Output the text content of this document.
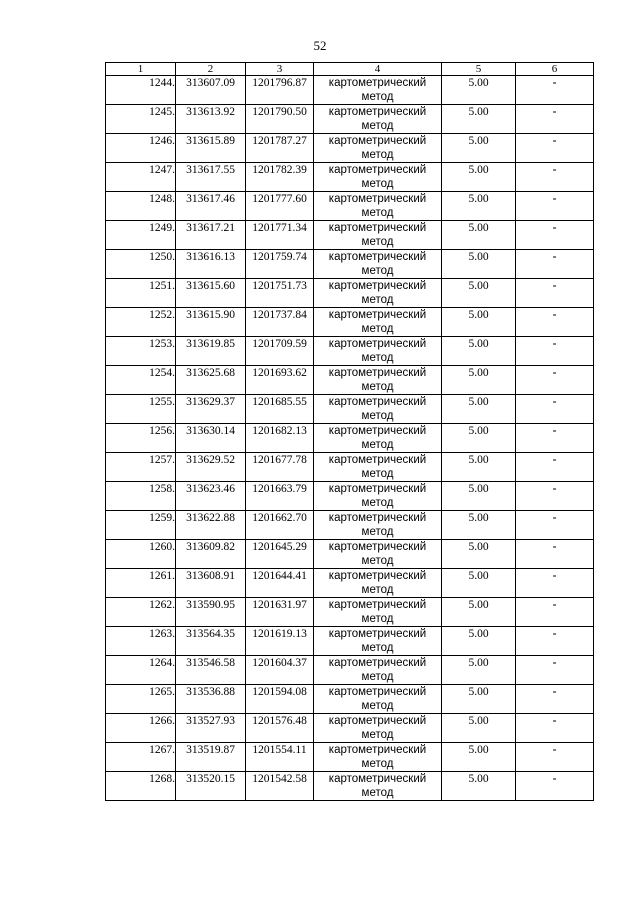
52
1	2	3	4	5	6
1244.	313607.09	1201796.87	картометрический метод	5.00	-
1245.	313613.92	1201790.50	картометрический метод	5.00	-
1246.	313615.89	1201787.27	картометрический метод	5.00	-
1247.	313617.55	1201782.39	картометрический метод	5.00	-
1248.	313617.46	1201777.60	картометрический метод	5.00	-
1249.	313617.21	1201771.34	картометрический метод	5.00	-
1250.	313616.13	1201759.74	картометрический метод	5.00	-
1251.	313615.60	1201751.73	картометрический метод	5.00	-
1252.	313615.90	1201737.84	картометрический метод	5.00	-
1253.	313619.85	1201709.59	картометрический метод	5.00	-
1254.	313625.68	1201693.62	картометрический метод	5.00	-
1255.	313629.37	1201685.55	картометрический метод	5.00	-
1256.	313630.14	1201682.13	картометрический метод	5.00	-
1257.	313629.52	1201677.78	картометрический метод	5.00	-
1258.	313623.46	1201663.79	картометрический метод	5.00	-
1259.	313622.88	1201662.70	картометрический метод	5.00	-
1260.	313609.82	1201645.29	картометрический метод	5.00	-
1261.	313608.91	1201644.41	картометрический метод	5.00	-
1262.	313590.95	1201631.97	картометрический метод	5.00	-
1263.	313564.35	1201619.13	картометрический метод	5.00	-
1264.	313546.58	1201604.37	картометрический метод	5.00	-
1265.	313536.88	1201594.08	картометрический метод	5.00	-
1266.	313527.93	1201576.48	картометрический метод	5.00	-
1267.	313519.87	1201554.11	картометрический метод	5.00	-
1268.	313520.15	1201542.58	картометрический метод	5.00	-
